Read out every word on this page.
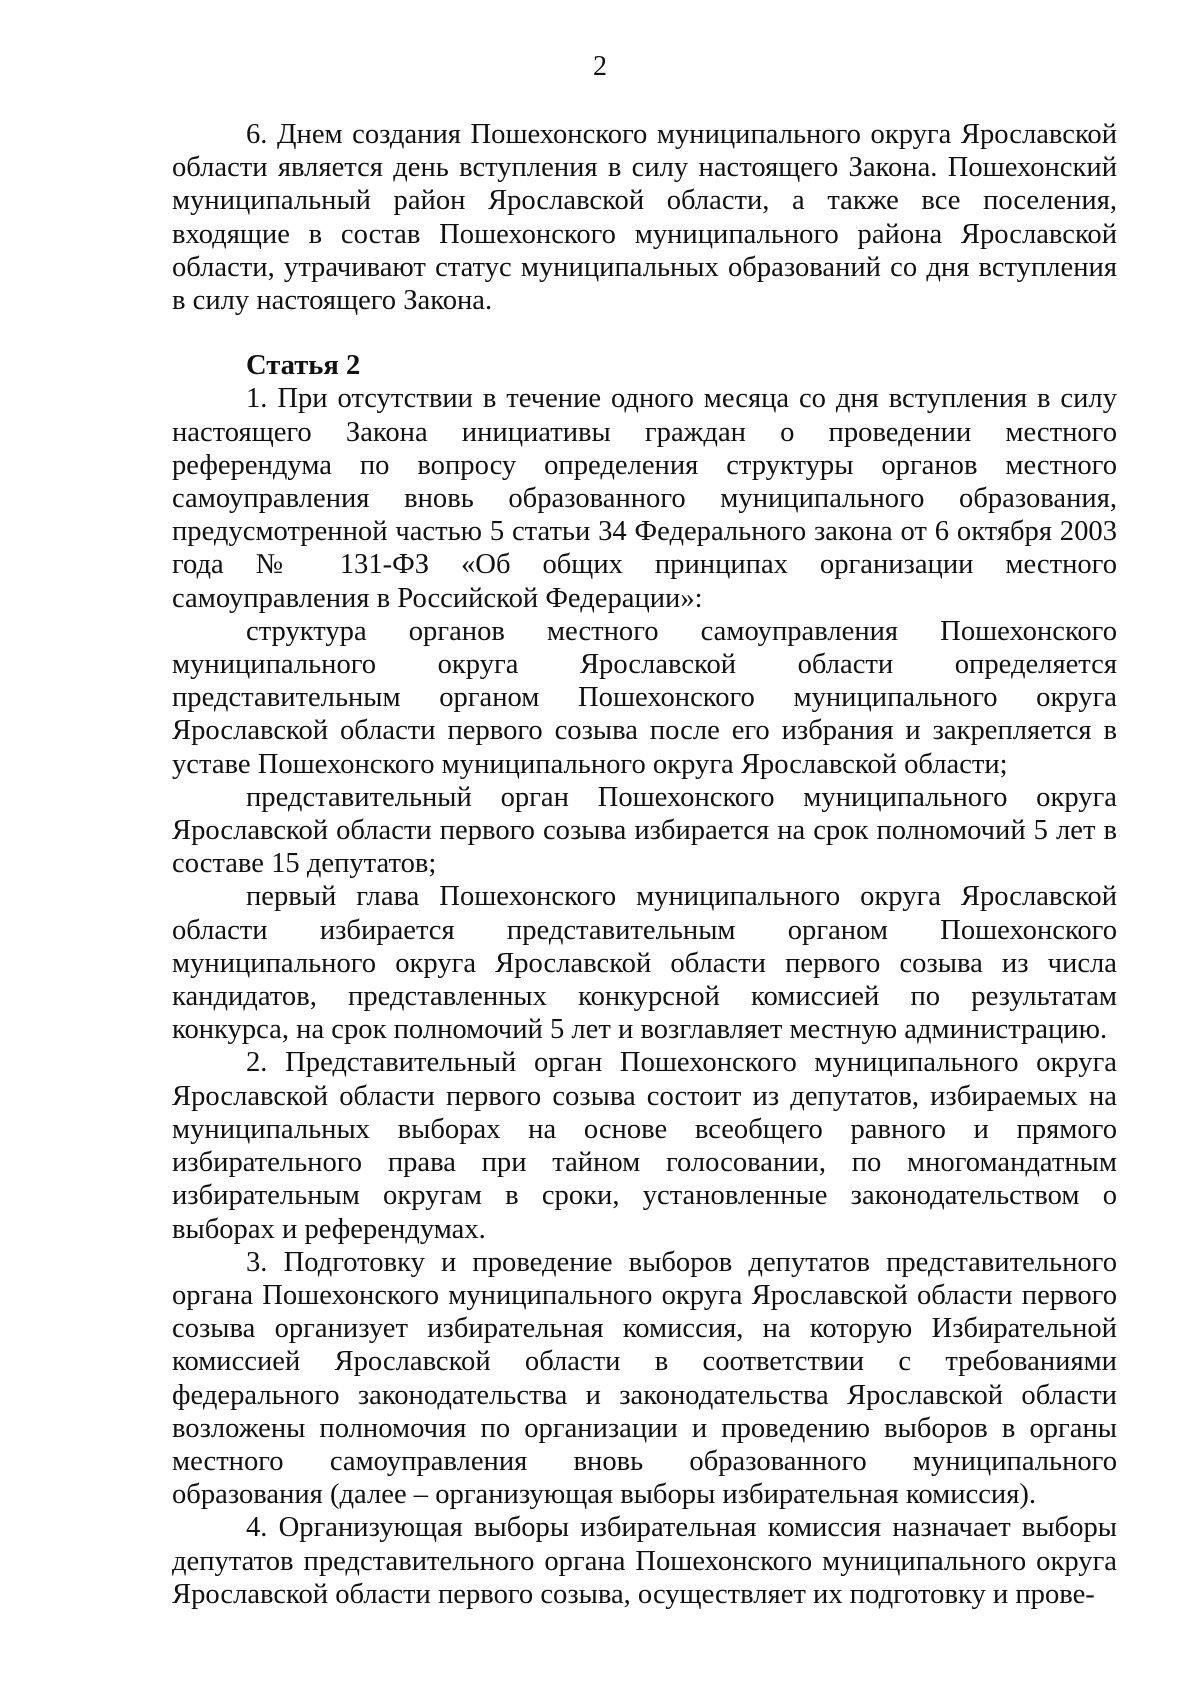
2

6. Днем создания Пошехонского муниципального округа Ярославской области является день вступления в силу настоящего Закона. Пошехонский муниципальный район Ярославской области, а также все поселения, входящие в состав Пошехонского муниципального района Ярославской области, утрачивают статус муниципальных образований со дня вступления в силу настоящего Закона.

Статья 2

1. При отсутствии в течение одного месяца со дня вступления в силу настоящего Закона инициативы граждан о проведении местного референдума по вопросу определения структуры органов местного самоуправления вновь образованного муниципального образования, предусмотренной частью 5 статьи 34 Федерального закона от 6 октября 2003 года № 131-ФЗ «Об общих принципах организации местного самоуправления в Российской Федерации»:

структура органов местного самоуправления Пошехонского муниципального округа Ярославской области определяется представительным органом Пошехонского муниципального округа Ярославской области первого созыва после его избрания и закрепляется в уставе Пошехонского муниципального округа Ярославской области;

представительный орган Пошехонского муниципального округа Ярославской области первого созыва избирается на срок полномочий 5 лет в составе 15 депутатов;

первый глава Пошехонского муниципального округа Ярославской области избирается представительным органом Пошехонского муниципального округа Ярославской области первого созыва из числа кандидатов, представленных конкурсной комиссией по результатам конкурса, на срок полномочий 5 лет и возглавляет местную администрацию.

2. Представительный орган Пошехонского муниципального округа Ярославской области первого созыва состоит из депутатов, избираемых на муниципальных выборах на основе всеобщего равного и прямого избирательного права при тайном голосовании, по многомандатным избирательным округам в сроки, установленные законодательством о выборах и референдумах.

3. Подготовку и проведение выборов депутатов представительного органа Пошехонского муниципального округа Ярославской области первого созыва организует избирательная комиссия, на которую Избирательной комиссией Ярославской области в соответствии с требованиями федерального законодательства и законодательства Ярославской области возложены полномочия по организации и проведению выборов в органы местного самоуправления вновь образованного муниципального образования (далее – организующая выборы избирательная комиссия).

4. Организующая выборы избирательная комиссия назначает выборы депутатов представительного органа Пошехонского муниципального округа Ярославской области первого созыва, осуществляет их подготовку и прове-
